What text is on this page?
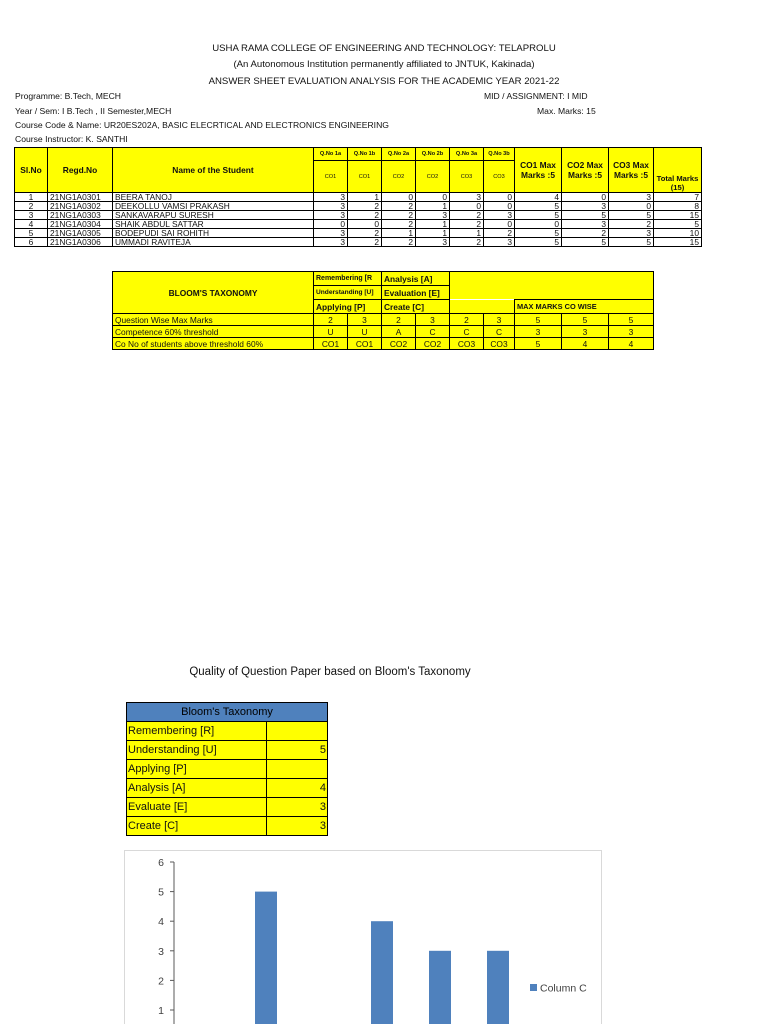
USHA RAMA COLLEGE OF ENGINEERING AND TECHNOLOGY: TELAPROLU
(An Autonomous Institution permanently affiliated to JNTUK, Kakinada)
ANSWER SHEET EVALUATION ANALYSIS FOR THE ACADEMIC YEAR 2021-22
Programme: B.Tech, MECH	MID / ASSIGNMENT: I MID
Year / Sem: I B.Tech , II Semester,MECH	Max. Marks: 15
Course Code & Name: UR20ES202A, BASIC ELECRTICAL AND ELECTRONICS ENGINEERING
Course Instructor: K. SANTHI
Sl.No	Regd.No	Name of the Student	Q.No 1a	Q.No 1b	Q.No 2a	Q.No 2b	Q.No 3a	Q.No 3b	CO1 Max Marks :5	CO2 Max Marks :5	CO3 Max Marks :5	Total Marks (15)
			CO1	CO1	CO2	CO2	CO3	CO3				
1	21NG1A0301	BEERA TANOJ	3	1	0	0	3	0	4	0	3	7
2	21NG1A0302	DEEKOLLU VAMSI PRAKASH	3	2	2	1	0	0	5	3	0	8
3	21NG1A0303	SANKAVARAPU SURESH	3	2	2	3	2	3	5	5	5	15
4	21NG1A0304	SHAIK ABDUL SATTAR	0	0	2	1	2	0	0	3	2	5
5	21NG1A0305	BODEPUDI SAI ROHITH	3	2	1	1	1	2	5	2	3	10
6	21NG1A0306	UMMADI RAVITEJA	3	2	2	3	2	3	5	5	5	15
BLOOM'S TAXONOMY	Remembering [R		Analysis [A]						
	Understanding [U]		Evaluation [E]						
	Applying [P]		Create [C]				MAX MARKS CO WISE		
Question Wise Max Marks	2	3	2	3	2	3	5	5	5
Competence 60% threshold	U	U	A	C	C	C	3	3	3
Co No of students above threshold 60%	CO1	CO1	CO2	CO2	CO3	CO3	5	4	4
Quality of Question Paper based on Bloom's Taxonomy
Bloom's Taxonomy	
Remembering [R]	
Understanding [U]	5
Applying [P]	
Analysis [A]	4
Evaluate [E]	3
Create [C]	3
1
2
3
4
5
6
Column C
